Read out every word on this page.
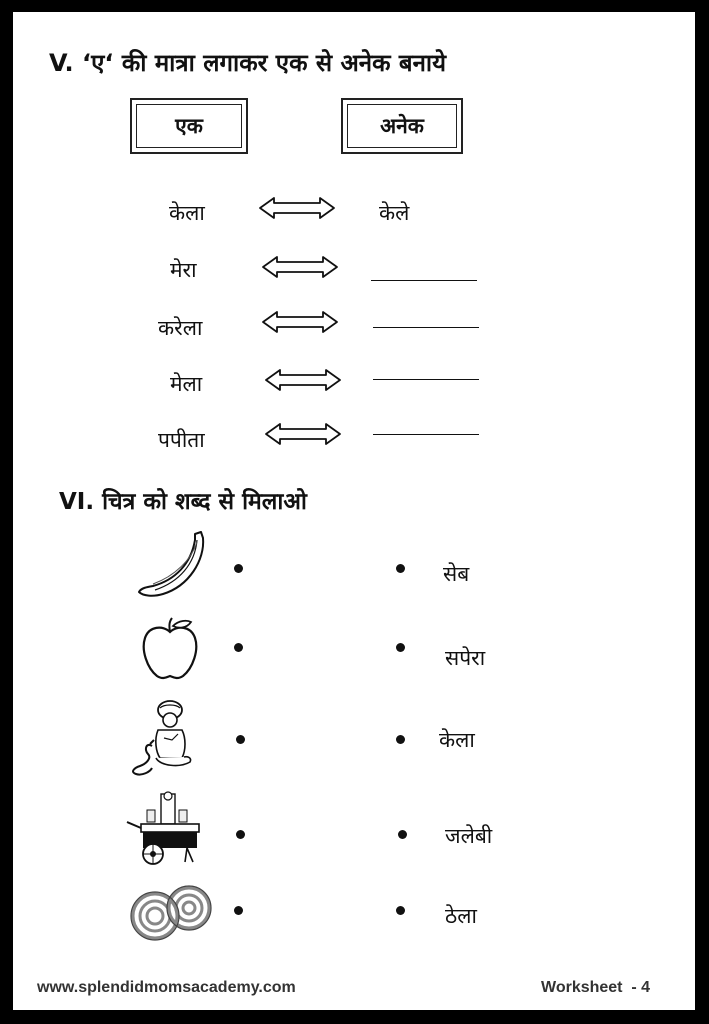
V. ‘ए‘ की मात्रा लगाकर एक से अनेक बनाये
एक	अनेक
केला	केले
मेरा
करेला
मेला
पपीता
VI. चित्र को शब्द से मिलाओ
सेब
सपेरा
केला
जलेबी
ठेला
www.splendidmomsacademy.com	Worksheet  - 4
